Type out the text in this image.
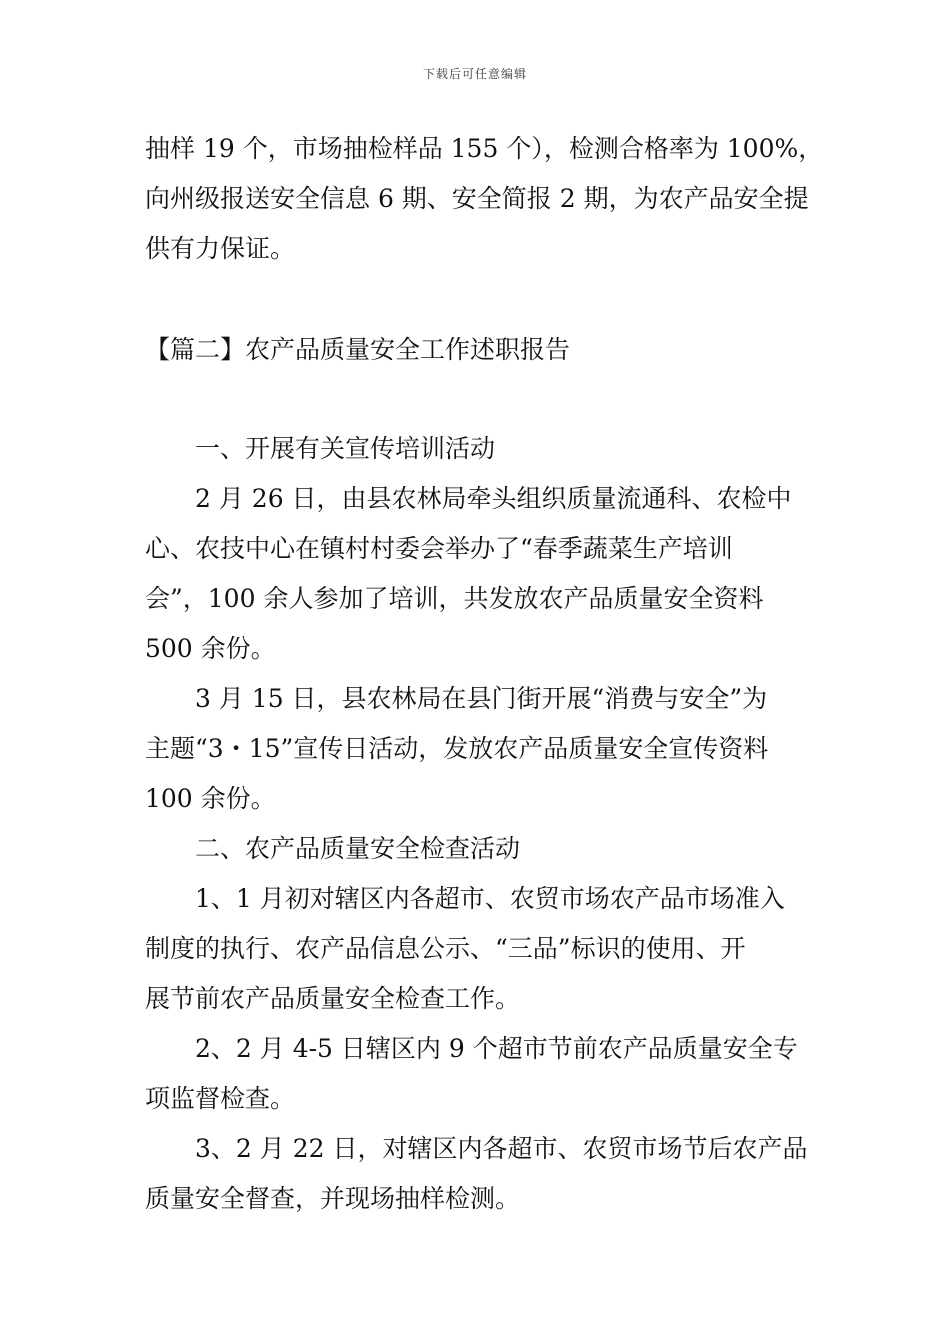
下载后可任意编辑
抽样 19 个，市场抽检样品 155 个），检测合格率为 100%，
向州级报送安全信息 6 期、安全简报 2 期，为农产品安全提
供有力保证。
【篇二】农产品质量安全工作述职报告
一、开展有关宣传培训活动
2 月 26 日，由县农林局牵头组织质量流通科、农检中
心、农技中心在镇村村委会举办了“春季蔬菜生产培训
会”，100 余人参加了培训，共发放农产品质量安全资料
500 余份。
3 月 15 日，县农林局在县门街开展“消费与安全”为
主题“3・15”宣传日活动，发放农产品质量安全宣传资料
100 余份。
二、农产品质量安全检查活动
1、1 月初对辖区内各超市、农贸市场农产品市场准入
制度的执行、农产品信息公示、“三品”标识的使用、开
展节前农产品质量安全检查工作。
2、2 月 4-5 日辖区内 9 个超市节前农产品质量安全专
项监督检查。
3、2 月 22 日，对辖区内各超市、农贸市场节后农产品
质量安全督查，并现场抽样检测。
